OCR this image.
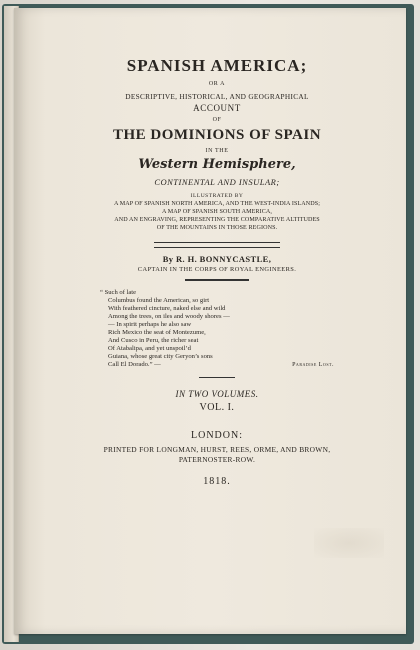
SPANISH AMERICA;
OR A
DESCRIPTIVE, HISTORICAL, AND GEOGRAPHICAL
ACCOUNT
OF
THE DOMINIONS OF SPAIN
IN THE
Western Hemisphere,
CONTINENTAL AND INSULAR;
ILLUSTRATED BY
A MAP OF SPANISH NORTH AMERICA, AND THE WEST-INDIA ISLANDS;
A MAP OF SPANISH SOUTH AMERICA,
AND AN ENGRAVING, REPRESENTING THE COMPARATIVE ALTITUDES
OF THE MOUNTAINS IN THOSE REGIONS.
By R. H. BONNYCASTLE,
CAPTAIN IN THE CORPS OF ROYAL ENGINEERS.
“ Such of late
Columbus found the American, so girt
With feathered cincture, naked else and wild
Among the trees, on iles and woody shores —
— In spirit perhaps he also saw
Rich Mexico the seat of Montezume,
And Cusco in Peru, the richer seat
Of Atabalipa, and yet unspoil’d
Guiana, whose great city Geryon’s sons
Call El Dorado.” —	Paradise Lost.
IN TWO VOLUMES.
VOL. I.
LONDON:
PRINTED FOR LONGMAN, HURST, REES, ORME, AND BROWN,
PATERNOSTER-ROW.
1818.
